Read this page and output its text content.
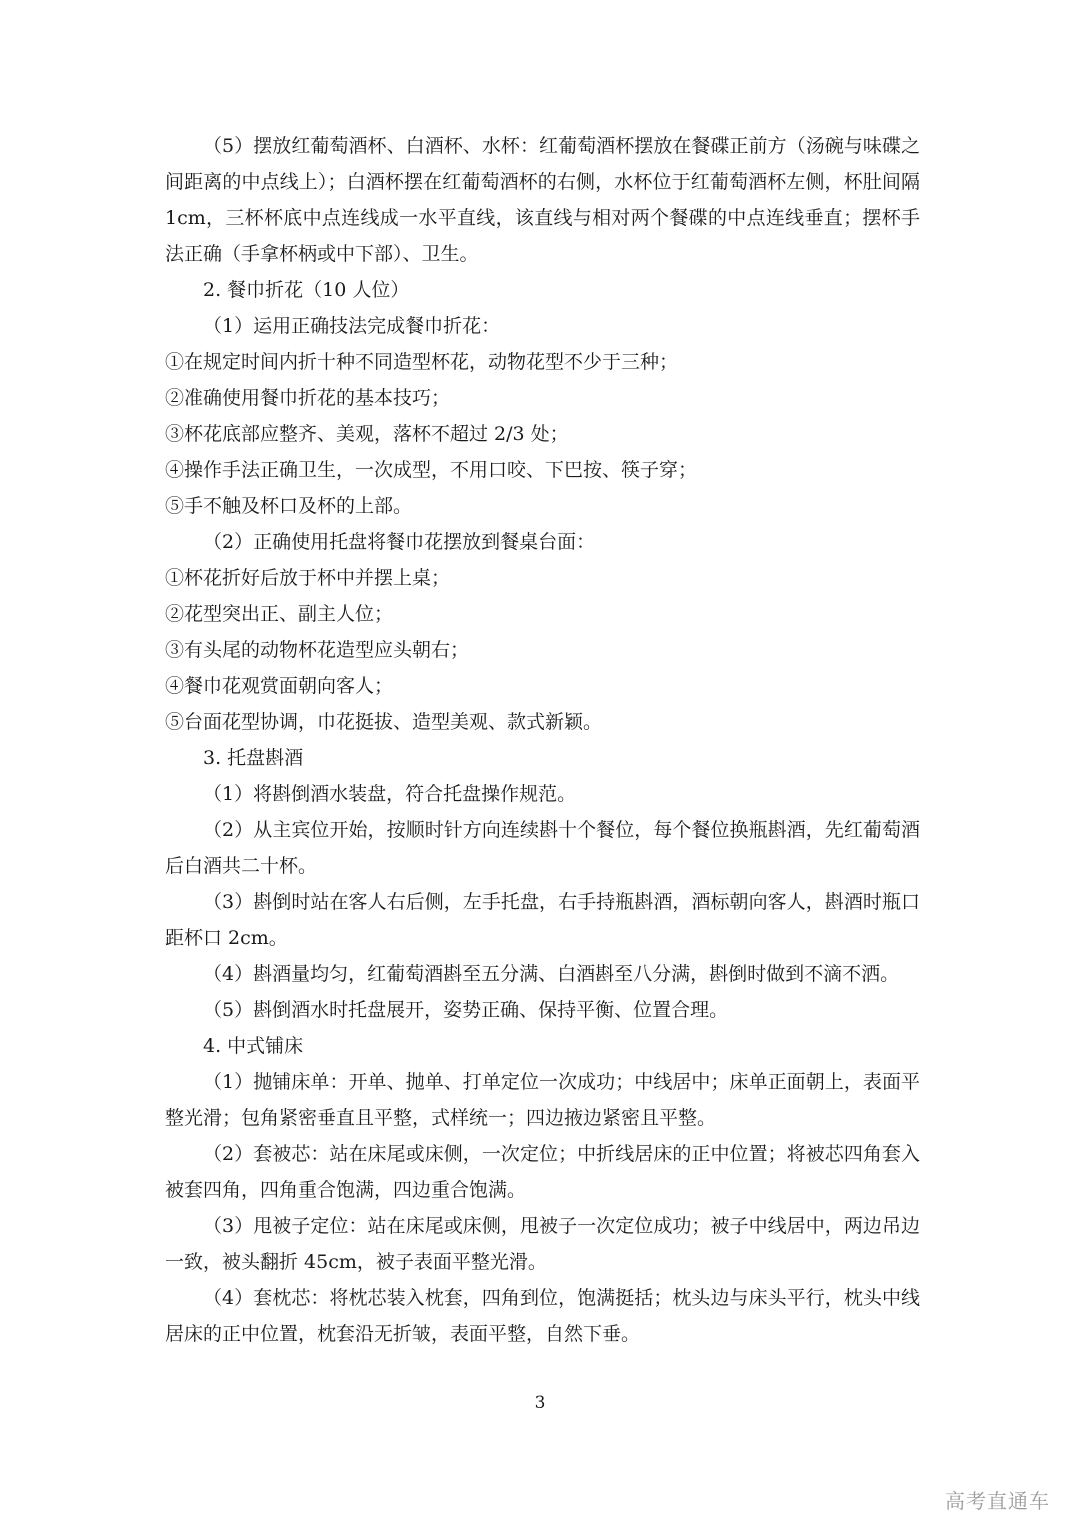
（5）摆放红葡萄酒杯、白酒杯、水杯：红葡萄酒杯摆放在餐碟正前方（汤碗与味碟之间距离的中点线上）；白酒杯摆在红葡萄酒杯的右侧，水杯位于红葡萄酒杯左侧，杯肚间隔 1cm，三杯杯底中点连线成一水平直线，该直线与相对两个餐碟的中点连线垂直；摆杯手法正确（手拿杯柄或中下部）、卫生。

2. 餐巾折花（10 人位）

（1）运用正确技法完成餐巾折花：

①在规定时间内折十种不同造型杯花，动物花型不少于三种；

②准确使用餐巾折花的基本技巧；

③杯花底部应整齐、美观，落杯不超过 2/3 处；

④操作手法正确卫生，一次成型，不用口咬、下巴按、筷子穿；

⑤手不触及杯口及杯的上部。

（2）正确使用托盘将餐巾花摆放到餐桌台面：

①杯花折好后放于杯中并摆上桌；

②花型突出正、副主人位；

③有头尾的动物杯花造型应头朝右；

④餐巾花观赏面朝向客人；

⑤台面花型协调，巾花挺拔、造型美观、款式新颖。

3. 托盘斟酒

（1）将斟倒酒水装盘，符合托盘操作规范。

（2）从主宾位开始，按顺时针方向连续斟十个餐位，每个餐位换瓶斟酒，先红葡萄酒后白酒共二十杯。

（3）斟倒时站在客人右后侧，左手托盘，右手持瓶斟酒，酒标朝向客人，斟酒时瓶口距杯口 2cm。

（4）斟酒量均匀，红葡萄酒斟至五分满、白酒斟至八分满，斟倒时做到不滴不洒。

（5）斟倒酒水时托盘展开，姿势正确、保持平衡、位置合理。

4. 中式铺床

（1）抛铺床单：开单、抛单、打单定位一次成功；中线居中；床单正面朝上，表面平整光滑；包角紧密垂直且平整，式样统一；四边掖边紧密且平整。

（2）套被芯：站在床尾或床侧，一次定位；中折线居床的正中位置；将被芯四角套入被套四角，四角重合饱满，四边重合饱满。

（3）甩被子定位：站在床尾或床侧，甩被子一次定位成功；被子中线居中，两边吊边一致，被头翻折 45cm，被子表面平整光滑。

（4）套枕芯：将枕芯装入枕套，四角到位，饱满挺括；枕头边与床头平行，枕头中线居床的正中位置，枕套沿无折皱，表面平整，自然下垂。

3
高考直通车
